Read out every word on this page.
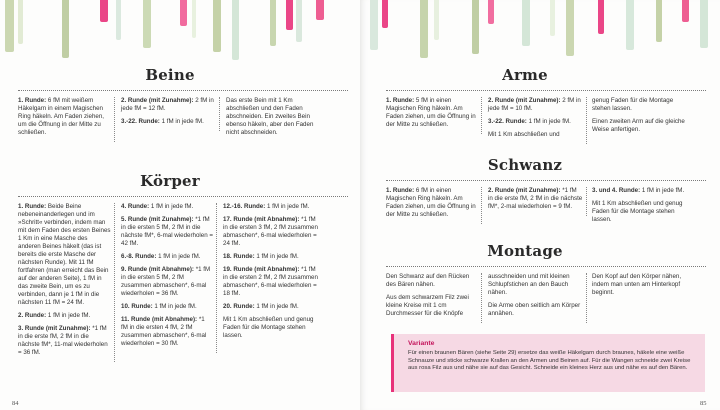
Beine

1. Runde: 6 fM mit weißem Häkelgarn in einem Magischen Ring häkeln. Am Faden ziehen, um die Öffnung in der Mitte zu schließen.

2. Runde (mit Zunahme): 2 fM in jede fM = 12 fM.

3.-22. Runde: 1 fM in jede fM.

Das erste Bein mit 1 Km abschließen und den Faden abschneiden. Ein zweites Bein ebenso häkeln, aber den Faden nicht abschneiden.

Körper

1. Runde: Beide Beine nebeneinanderlegen und im »Schritt« verbinden, indem man mit dem Faden des ersten Beines 1 Km in eine Masche des anderen Beines häkelt (das ist bereits die erste Masche der nächsten Runde). Mit 11 fM fortfahren (man erreicht das Bein auf der anderen Seite), 1 fM in das zweite Bein, um es zu verbinden, dann je 1 fM in die nächsten 11 fM = 24 fM.

2. Runde: 1 fM in jede fM.

3. Runde (mit Zunahme): *1 fM in die erste fM, 2 fM in die nächste fM*, 11-mal wiederholen = 36 fM.

4. Runde: 1 fM in jede fM.

5. Runde (mit Zunahme): *1 fM in die ersten 5 fM, 2 fM in die nächste fM*, 6-mal wiederholen = 42 fM.

6.-8. Runde: 1 fM in jede fM.

9. Runde (mit Abnahme): *1 fM in die ersten 5 fM, 2 fM zusammen abmaschen*, 6-mal wiederholen = 36 fM.

10. Runde: 1 fM in jede fM.

11. Runde (mit Abnahme): *1 fM in die ersten 4 fM, 2 fM zusammen abmaschen*, 6-mal wiederholen = 30 fM.

12.-16. Runde: 1 fM in jede fM.

17. Runde (mit Abnahme): *1 fM in die ersten 3 fM, 2 fM zusammen abmaschen*, 6-mal wiederholen = 24 fM.

18. Runde: 1 fM in jede fM.

19. Runde (mit Abnahme): *1 fM in die ersten 2 fM, 2 fM zusammen abmaschen*, 6-mal wiederholen = 18 fM.

20. Runde: 1 fM in jede fM.

Mit 1 Km abschließen und genug Faden für die Montage stehen lassen.

84
Arme

1. Runde: 5 fM in einen Magischen Ring häkeln. Am Faden ziehen, um die Öffnung in der Mitte zu schließen.

2. Runde (mit Zunahme): 2 fM in jede fM = 10 fM.

3.-22. Runde: 1 fM in jede fM.

Mit 1 Km abschließen und

genug Faden für die Montage stehen lassen.

Einen zweiten Arm auf die gleiche Weise anfertigen.

Schwanz

1. Runde: 6 fM in einen Magischen Ring häkeln. Am Faden ziehen, um die Öffnung in der Mitte zu schließen.

2. Runde (mit Zunahme): *1 fM in die erste fM, 2 fM in die nächste fM*, 2-mal wiederholen = 9 fM.

3. und 4. Runde: 1 fM in jede fM.

Mit 1 Km abschließen und genug Faden für die Montage stehen lassen.

Montage

Den Schwanz auf den Rücken des Bären nähen.

Aus dem schwarzem Filz zwei kleine Kreise mit 1 cm Durchmesser für die Knöpfe

ausschneiden und mit kleinen Schlupfstichen an den Bauch nähen.

Die Arme oben seitlich am Körper annähen.

Den Kopf auf den Körper nähen, indem man unten am Hinterkopf beginnt.

85
Variante
Für einen braunen Bären (siehe Seite 29) ersetze das weiße Häkelgarn durch braunes, häkele eine weiße Schnauze und sticke schwarze Krallen an den Armen und Beinen auf. Für die Wangen schneide zwei Kreise aus rosa Filz aus und nähe sie auf das Gesicht. Schneide ein kleines Herz aus und nähe es auf den Bären.
